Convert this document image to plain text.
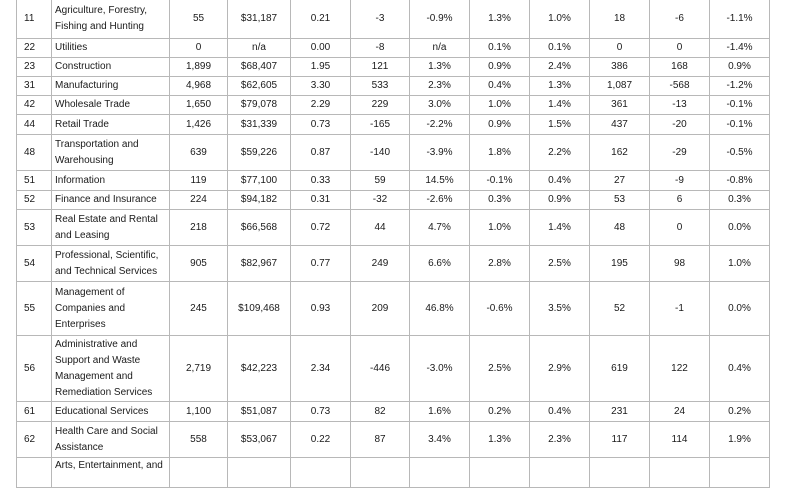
11	Agriculture, Forestry, Fishing and Hunting	55	$31,187	0.21	-3	-0.9%	1.3%	1.0%	18	-6	-1.1%
22	Utilities	0	n/a	0.00	-8	n/a	0.1%	0.1%	0	0	-1.4%
23	Construction	1,899	$68,407	1.95	121	1.3%	0.9%	2.4%	386	168	0.9%
31	Manufacturing	4,968	$62,605	3.30	533	2.3%	0.4%	1.3%	1,087	-568	-1.2%
42	Wholesale Trade	1,650	$79,078	2.29	229	3.0%	1.0%	1.4%	361	-13	-0.1%
44	Retail Trade	1,426	$31,339	0.73	-165	-2.2%	0.9%	1.5%	437	-20	-0.1%
48	Transportation and Warehousing	639	$59,226	0.87	-140	-3.9%	1.8%	2.2%	162	-29	-0.5%
51	Information	119	$77,100	0.33	59	14.5%	-0.1%	0.4%	27	-9	-0.8%
52	Finance and Insurance	224	$94,182	0.31	-32	-2.6%	0.3%	0.9%	53	6	0.3%
53	Real Estate and Rental and Leasing	218	$66,568	0.72	44	4.7%	1.0%	1.4%	48	0	0.0%
54	Professional, Scientific, and Technical Services	905	$82,967	0.77	249	6.6%	2.8%	2.5%	195	98	1.0%
55	Management of Companies and Enterprises	245	$109,468	0.93	209	46.8%	-0.6%	3.5%	52	-1	0.0%
56	Administrative and Support and Waste Management and Remediation Services	2,719	$42,223	2.34	-446	-3.0%	2.5%	2.9%	619	122	0.4%
61	Educational Services	1,100	$51,087	0.73	82	1.6%	0.2%	0.4%	231	24	0.2%
62	Health Care and Social Assistance	558	$53,067	0.22	87	3.4%	1.3%	2.3%	117	114	1.9%
	Arts, Entertainment, and										
